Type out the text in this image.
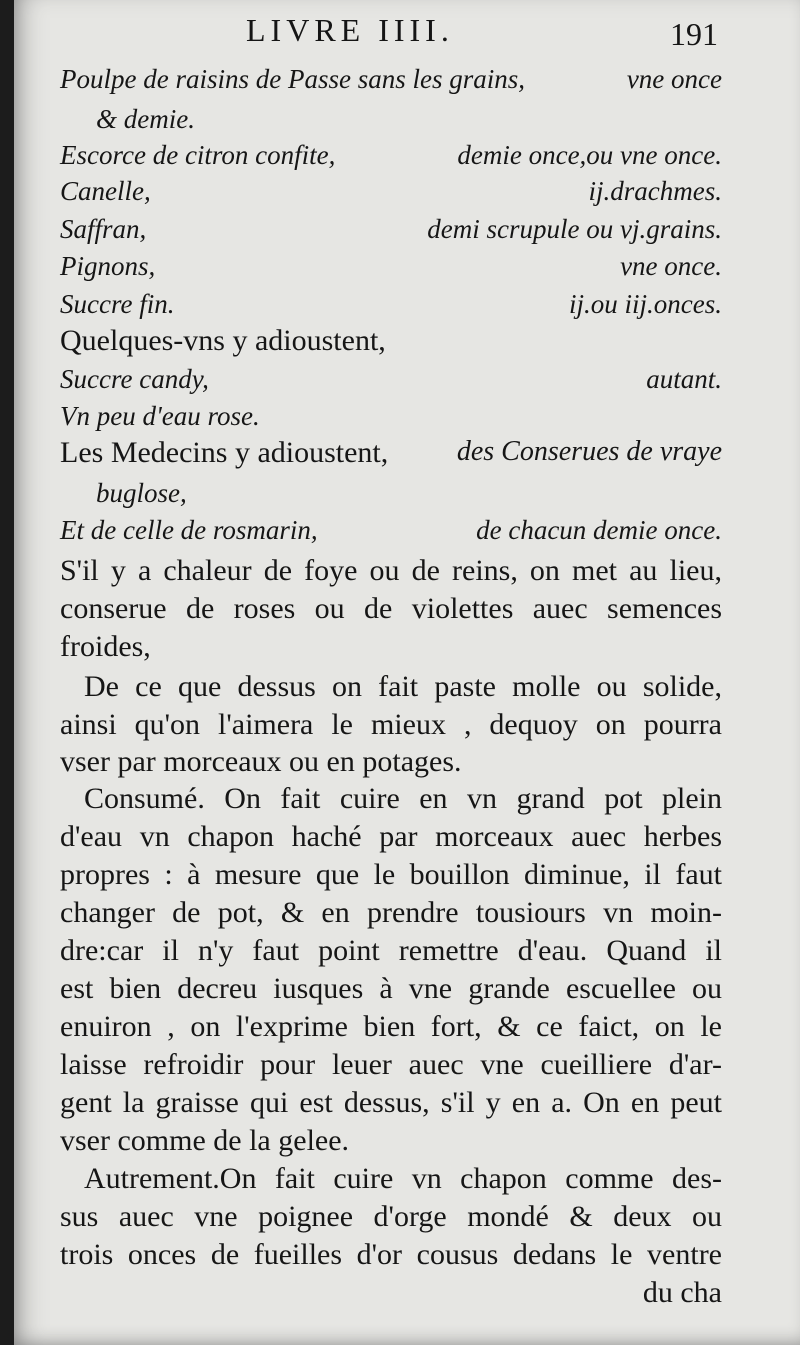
LIVRE IIII.	191
Poulpe de raisins de Passe sans les grains,	vne once
& demie.
Escorce de citron confite,	demie once,ou vne once.
Canelle,	ij.drachmes.
Saffran,	demi scrupule ou vj.grains.
Pignons,	vne once.
Succre fin.	ij.ou iij.onces.
Quelques-vns y adioustent,
Succre candy,	autant.
Vn peu d'eau rose.
Les Medecins y adioustent, des Conserues de vraye
buglose,
Et de celle de rosmarin,	de chacun demie once.
S'il y a chaleur de foye ou de reins, on met au lieu,
conserue de roses ou de violettes auec semences
froides,
De ce que dessus on fait paste molle ou solide,
ainsi qu'on l'aimera le mieux , dequoy on pourra
vser par morceaux ou en potages.
Consumé. On fait cuire en vn grand pot plein
d'eau vn chapon haché par morceaux auec herbes
propres : à mesure que le bouillon diminue, il faut
changer de pot, & en prendre tousiours vn moin-
dre:car il n'y faut point remettre d'eau. Quand il
est bien decreu iusques à vne grande escuellee ou
enuiron , on l'exprime bien fort, & ce faict, on le
laisse refroidir pour leuer auec vne cueilliere d'ar-
gent la graisse qui est dessus, s'il y en a. On en peut
vser comme de la gelee.
Autrement.On fait cuire vn chapon comme des-
sus auec vne poignee d'orge mondé & deux ou
trois onces de fueilles d'or cousus dedans le ventre
du cha
